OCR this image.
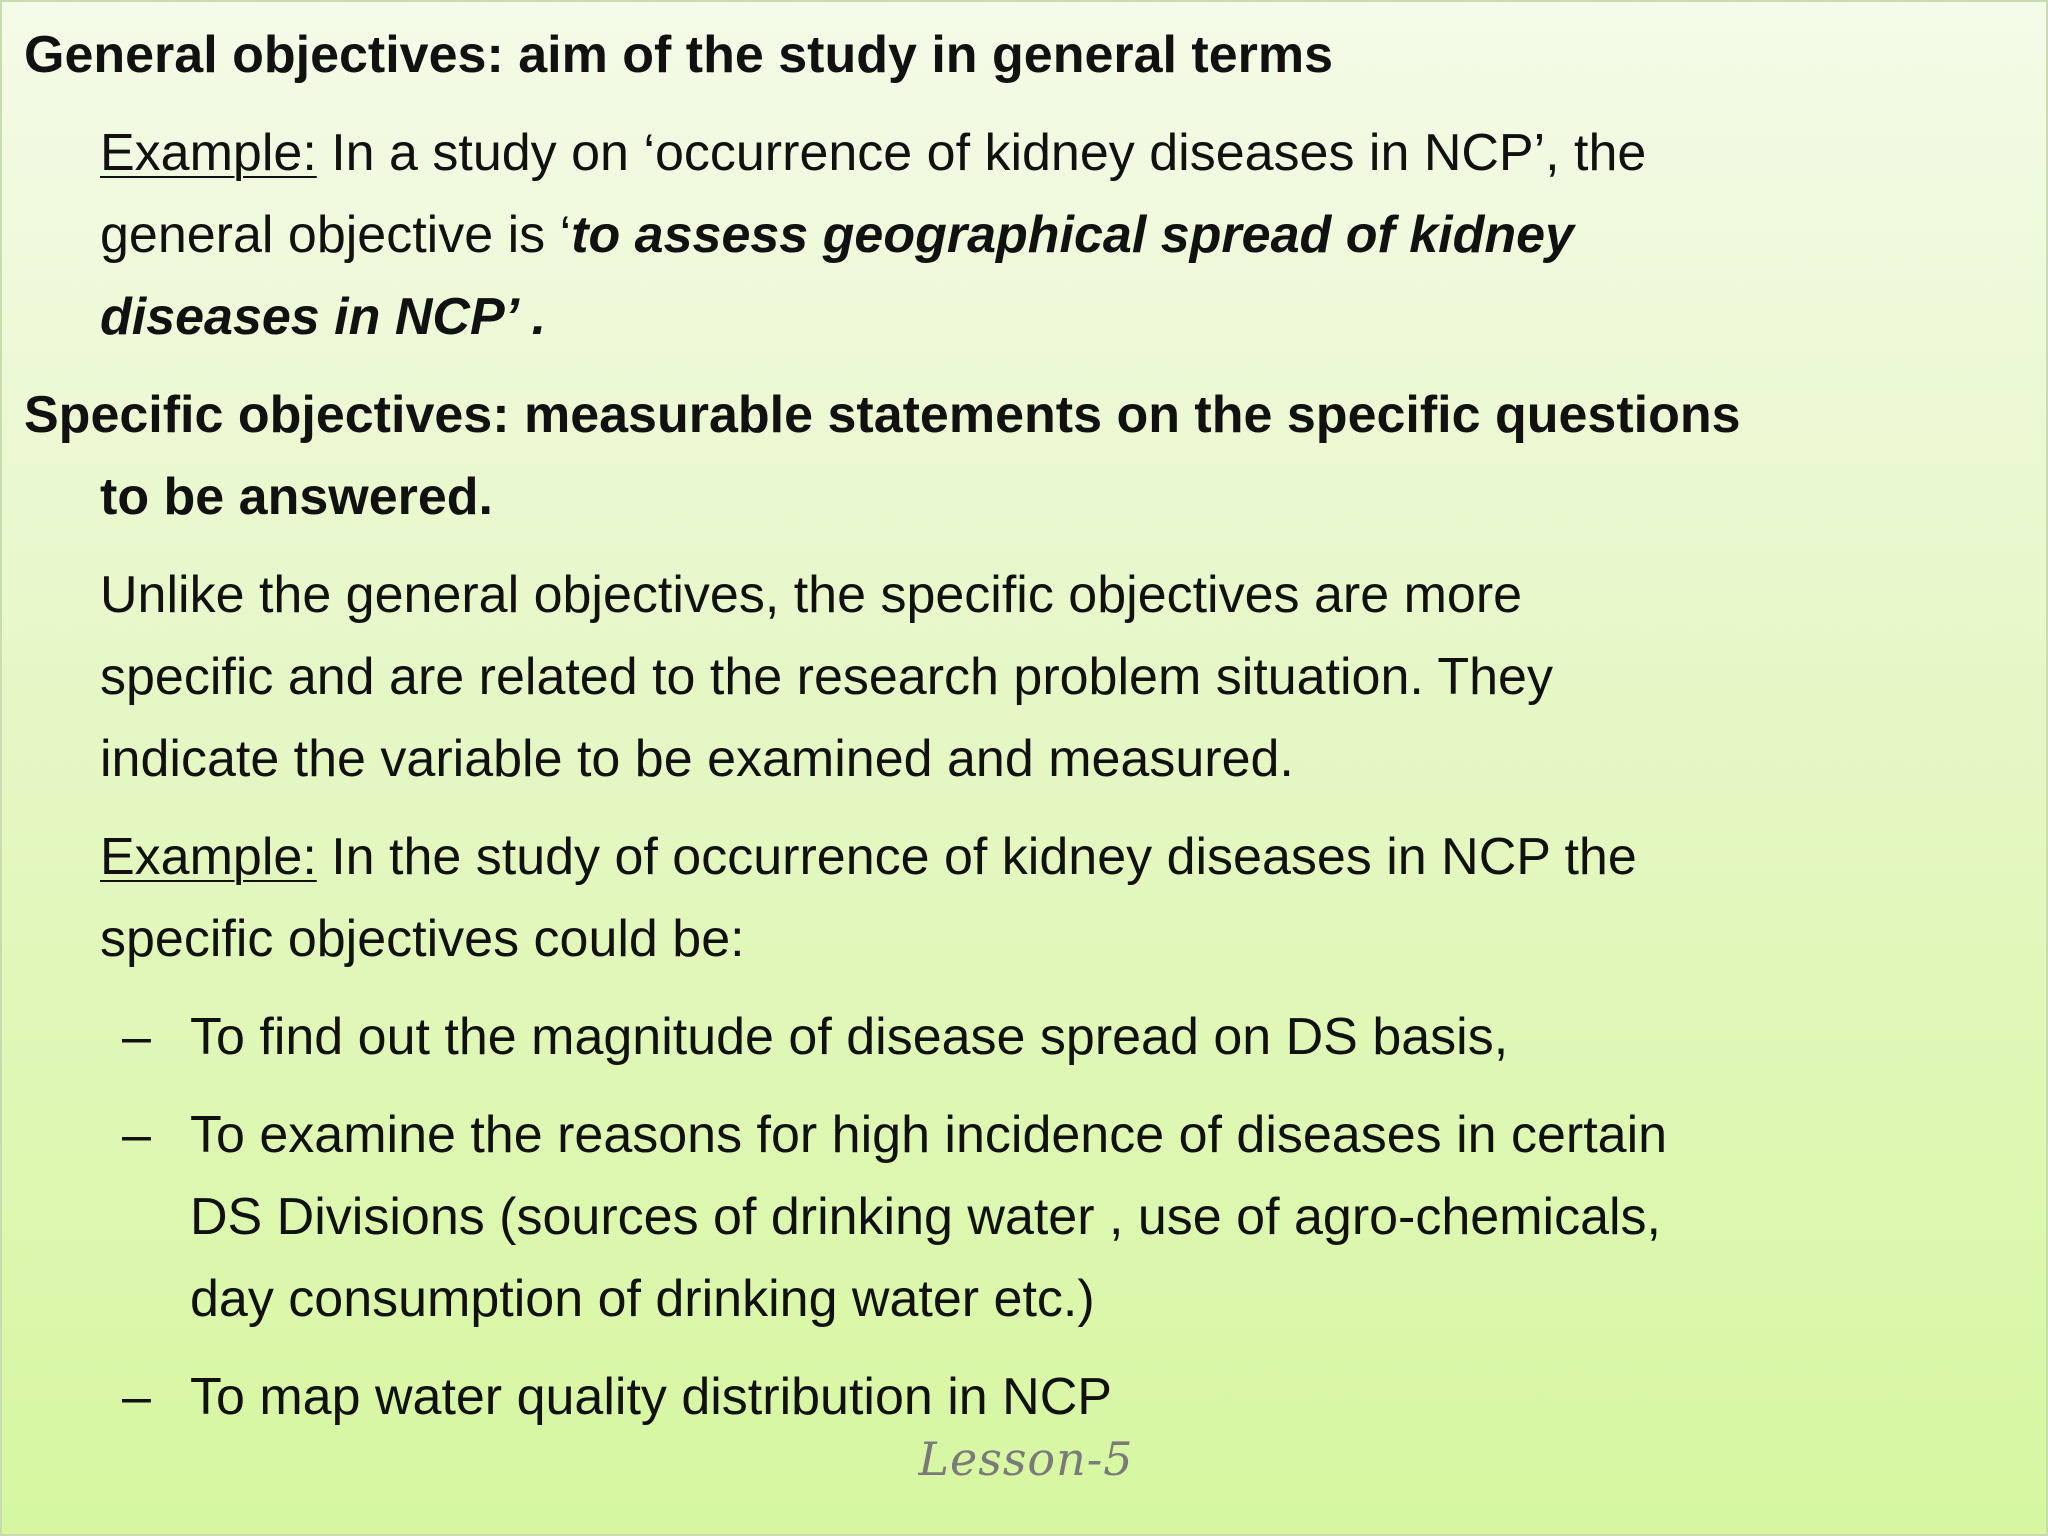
General objectives: aim of the study in general terms
Example: In a study on ‘occurrence of kidney diseases in NCP’, the
general objective is ‘to assess geographical spread of kidney
diseases in NCP’ .
Specific objectives: measurable statements on the specific questions
to be answered.
Unlike the general objectives, the specific objectives are more
specific and are related to the research problem situation. They
indicate the variable to be examined and measured.
Example: In the study of occurrence of kidney diseases in NCP the
specific objectives could be:
– To find out the magnitude of disease spread on DS basis,
– To examine the reasons for high incidence of diseases in certain
DS Divisions (sources of drinking water , use of agro-chemicals,
day consumption of drinking water etc.)
– To map water quality distribution in NCP
Lesson-5
